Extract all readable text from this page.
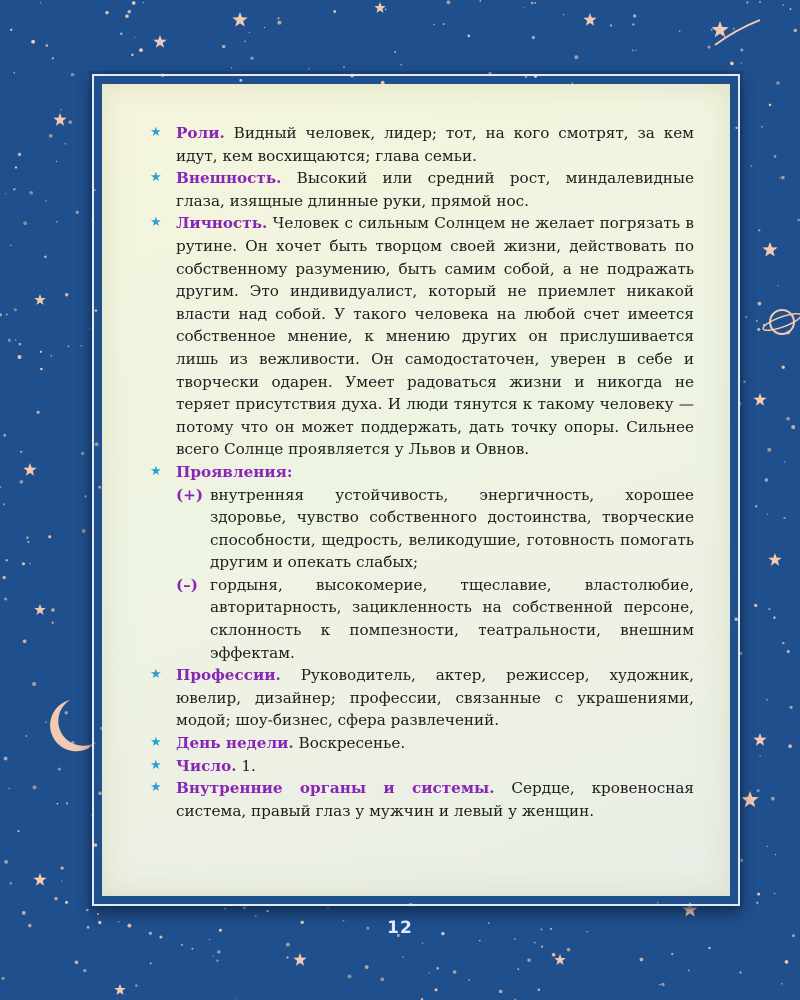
★ Роли. Видный человек, лидер; тот, на кого смотрят, за кем идут, кем восхищаются; глава семьи.
★ Внешность. Высокий или средний рост, миндалевидные глаза, изящные длинные руки, прямой нос.
★ Личность. Человек с сильным Солнцем не желает погрязать в рутине. Он хочет быть творцом своей жизни, действовать по собственному разумению, быть самим собой, а не подражать другим. Это индивидуалист, который не приемлет никакой власти над собой. У такого человека на любой счет имеется собственное мнение, к мнению других он прислушивается лишь из вежливости. Он самодостаточен, уверен в себе и творчески одарен. Умеет радоваться жизни и никогда не теряет присутствия духа. И люди тянутся к такому человеку — потому что он может поддержать, дать точку опоры. Сильнее всего Солнце проявляется у Львов и Овнов.
★ Проявления:
(+) внутренняя устойчивость, энергичность, хорошее здоровье, чувство собственного достоинства, творческие способности, щедрость, великодушие, готовность помогать другим и опекать слабых;
(–) гордыня, высокомерие, тщеславие, властолюбие, авторитарность, зацикленность на собственной персоне, склонность к помпезности, театральности, внешним эффектам.
★ Профессии. Руководитель, актер, режиссер, художник, ювелир, дизайнер; профессии, связанные с украшениями, модой; шоу-бизнес, сфера развлечений.
★ День недели. Воскресенье.
★ Число. 1.
★ Внутренние органы и системы. Сердце, кровеносная система, правый глаз у мужчин и левый у женщин.
12
